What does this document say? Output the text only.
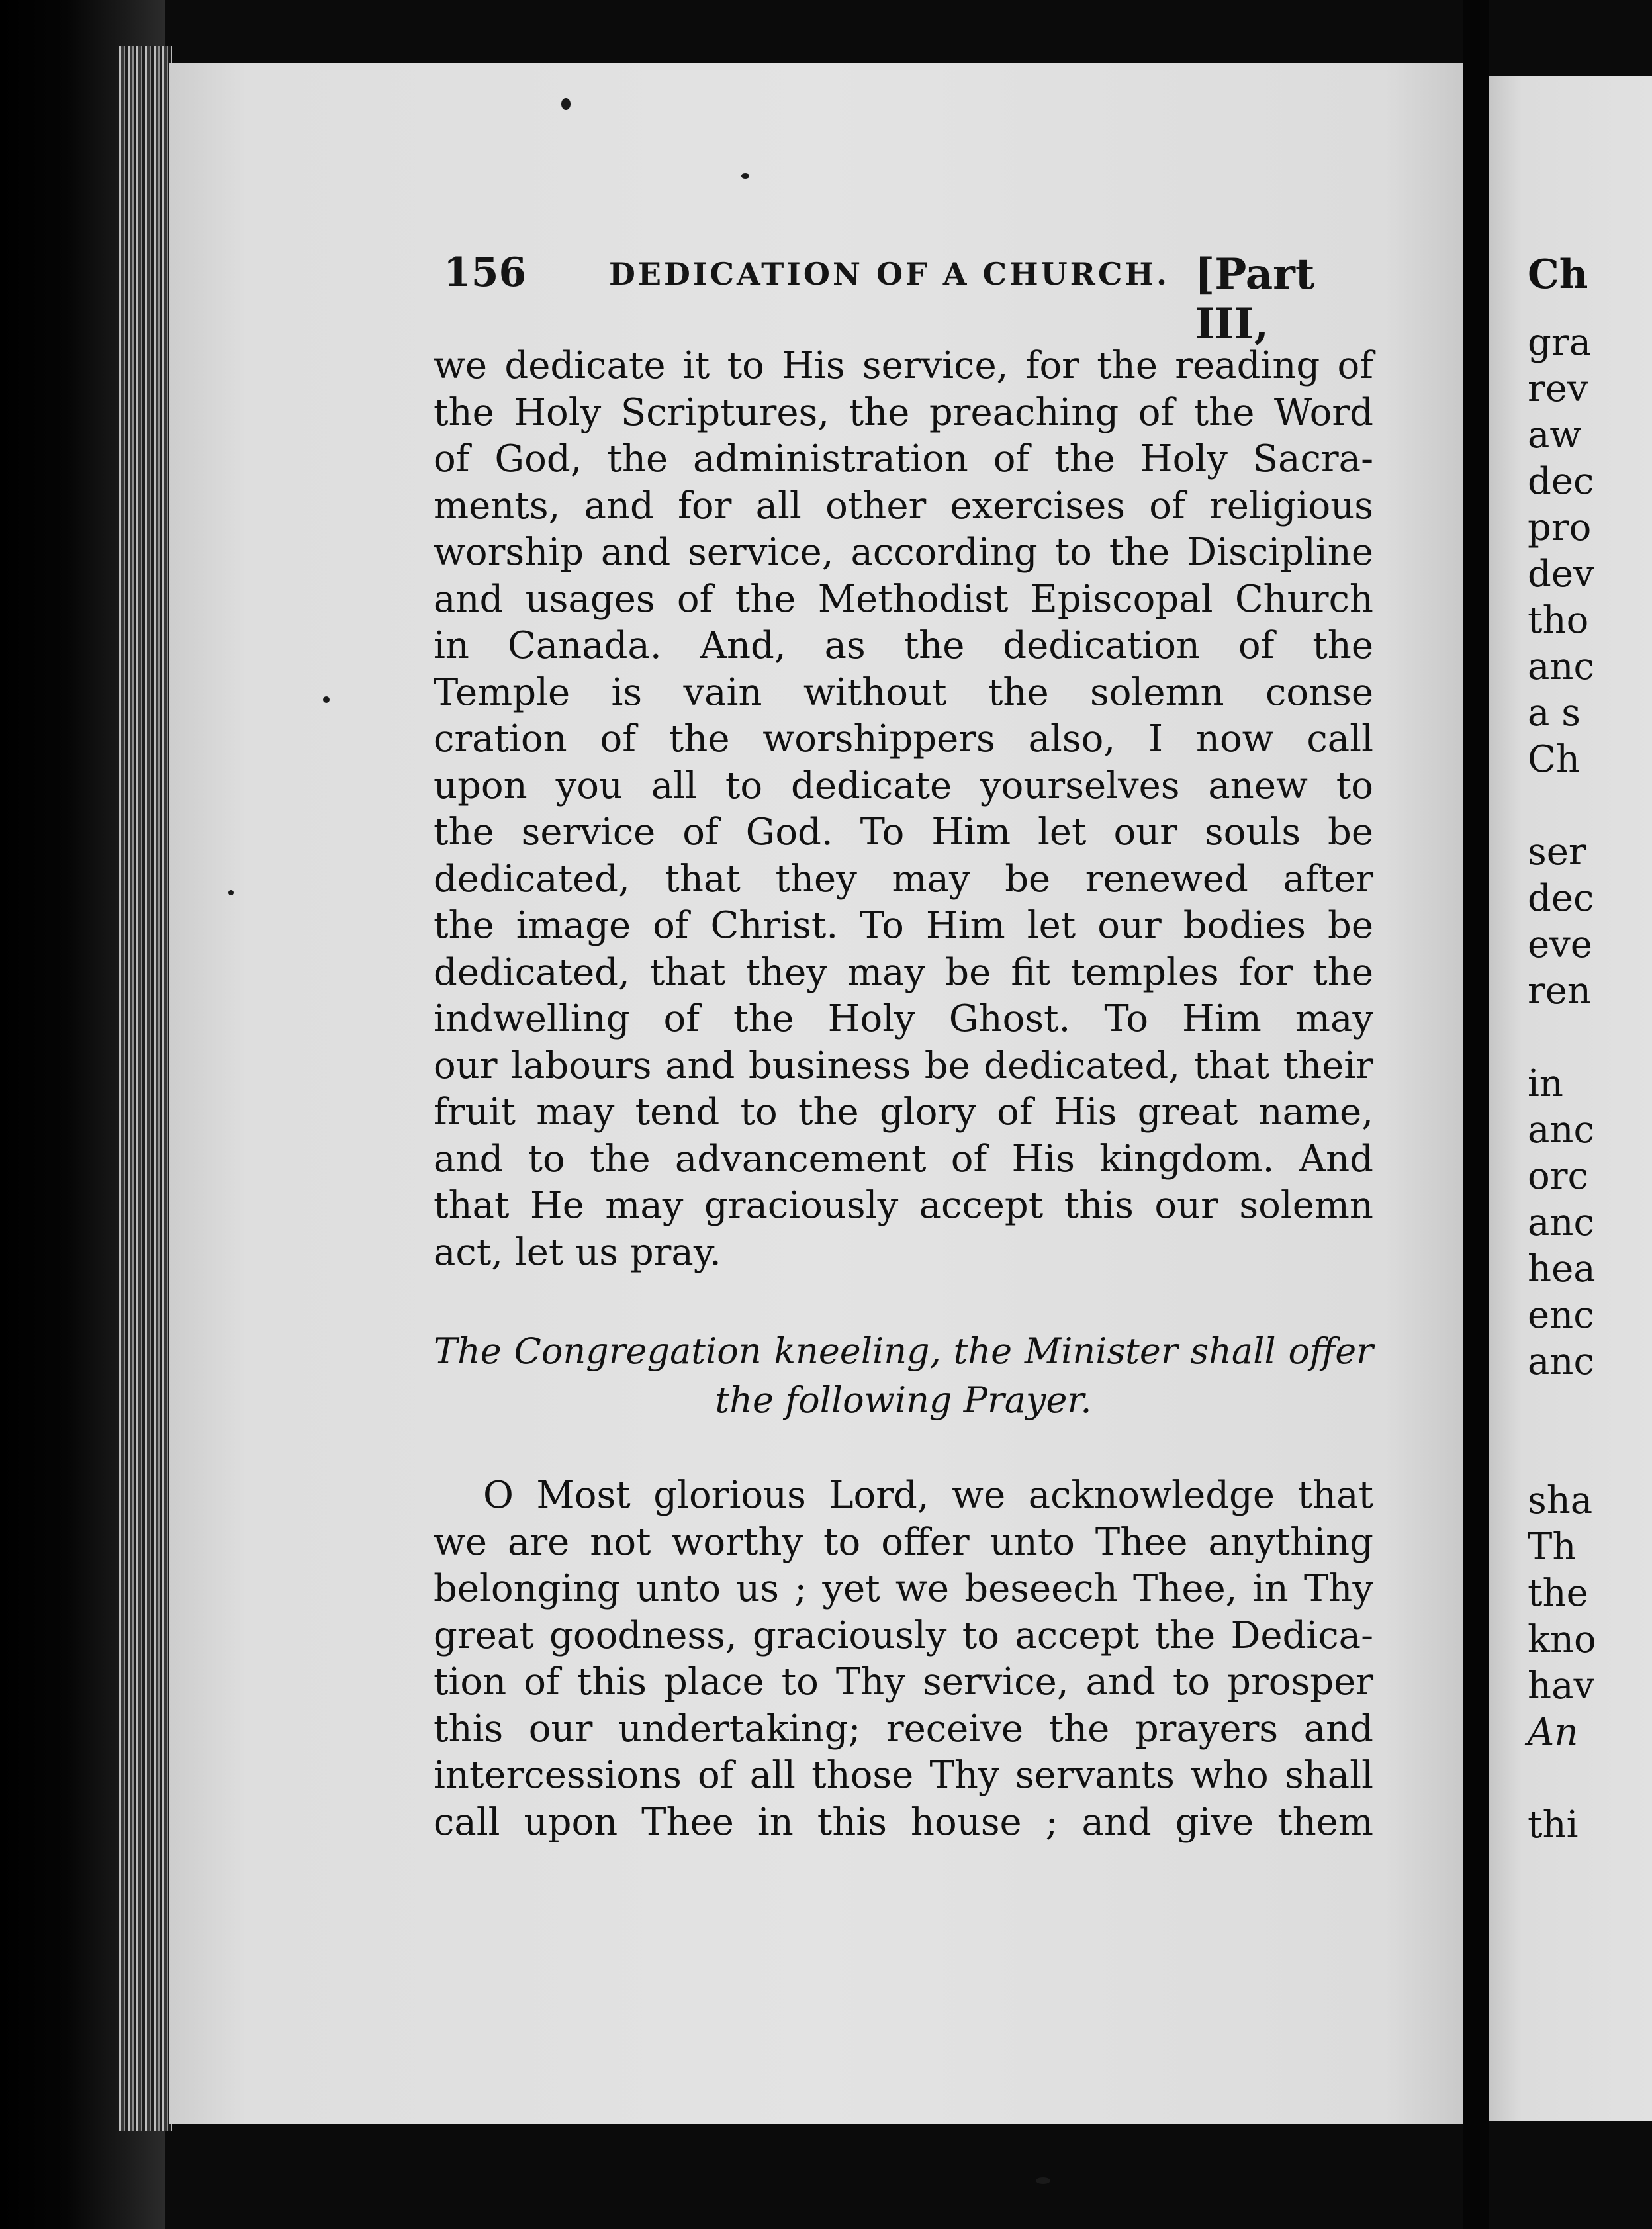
Ch
gra
rev
aw
dec
pro
dev
tho
anc
a s
Ch
ser
dec
eve
ren
in
anc
orc
anc
hea
enc
anc
sha
Th
the
kno
hav
An
thi
156	DEDICATION OF A CHURCH. [Part III,
we dedicate it to His service, for the reading of
the Holy Scriptures, the preaching of the Word
of God, the administration of the Holy Sacra-
ments, and for all other exercises of religious
worship and service, according to the Discipline
and usages of the Methodist Episcopal Church
in Canada. And, as the dedication of the
Temple is vain without the solemn conse
cration of the worshippers also, I now call
upon you all to dedicate yourselves anew to
the service of God. To Him let our souls be
dedicated, that they may be renewed after
the image of Christ. To Him let our bodies be
dedicated, that they may be fit temples for the
indwelling of the Holy Ghost. To Him may
our labours and business be dedicated, that their
fruit may tend to the glory of His great name,
and to the advancement of His kingdom. And
that He may graciously accept this our solemn
act, let us pray.
The Congregation kneeling, the Minister shall offer
the following Prayer.
O Most glorious Lord, we acknowledge that
we are not worthy to offer unto Thee anything
belonging unto us ; yet we beseech Thee, in Thy
great goodness, graciously to accept the Dedica-
tion of this place to Thy service, and to prosper
this our undertaking; receive the prayers and
intercessions of all those Thy servants who shall
call upon Thee in this house ; and give them
